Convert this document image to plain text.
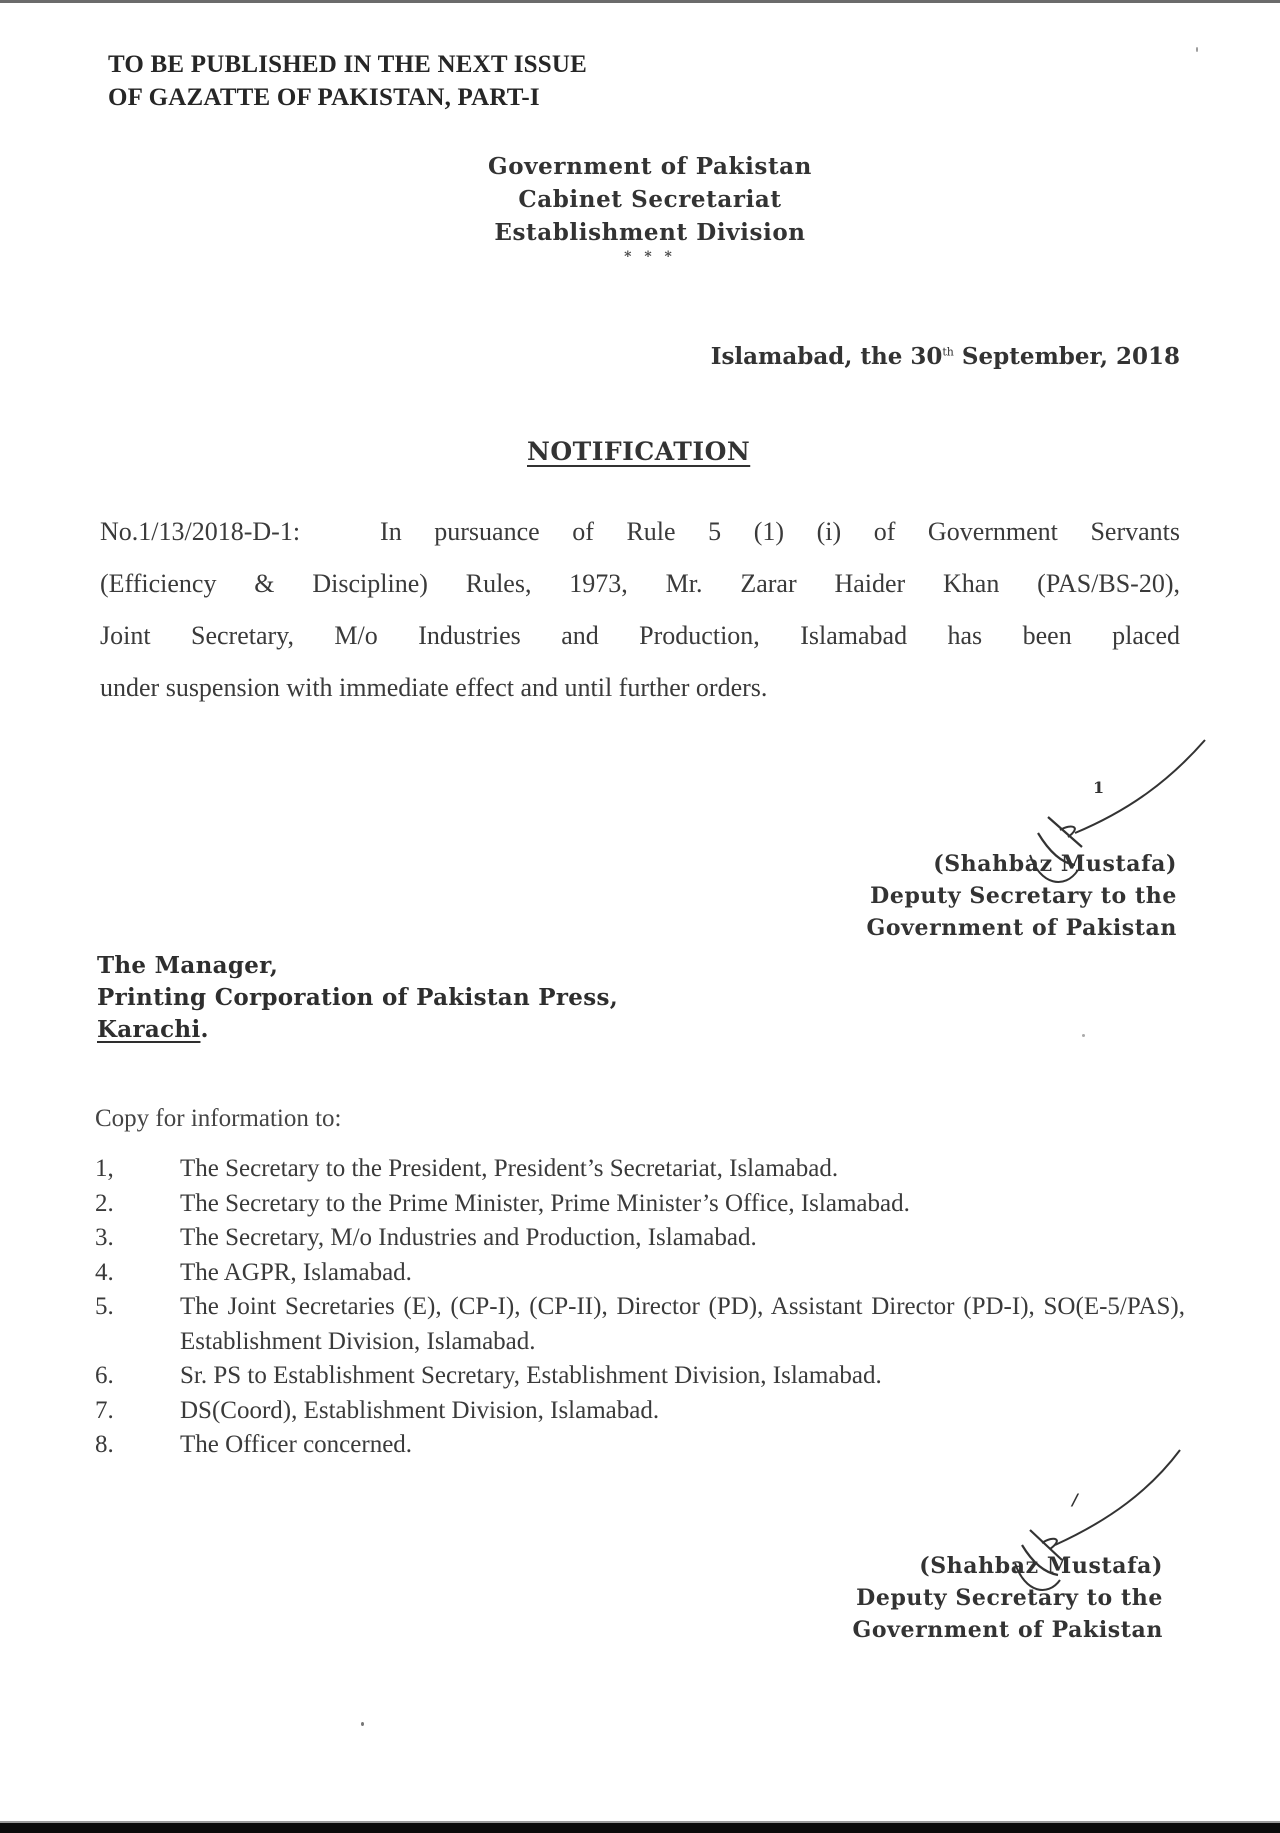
TO BE PUBLISHED IN THE NEXT ISSUE
OF GAZATTE OF PAKISTAN, PART-I
Government of Pakistan
Cabinet Secretariat
Establishment Division
* * *
Islamabad, the 30th September, 2018
NOTIFICATION
No.1/13/2018-D-1:	In pursuance of Rule 5 (1) (i) of Government Servants
(Efficiency & Discipline) Rules, 1973, Mr. Zarar Haider Khan (PAS/BS-20),
Joint Secretary, M/o Industries and Production, Islamabad has been placed
under suspension with immediate effect and until further orders.
1
(Shahbaz Mustafa)
Deputy Secretary to the
Government of Pakistan
The Manager,
Printing Corporation of Pakistan Press,
Karachi.
Copy for information to:
1,	The Secretary to the President, President’s Secretariat, Islamabad.
2.	The Secretary to the Prime Minister, Prime Minister’s Office, Islamabad.
3.	The Secretary, M/o Industries and Production, Islamabad.
4.	The AGPR, Islamabad.
5.	The Joint Secretaries (E), (CP-I), (CP-II), Director (PD), Assistant Director (PD-I), SO(E-5/PAS), Establishment Division, Islamabad.
6.	Sr. PS to Establishment Secretary, Establishment Division, Islamabad.
7.	DS(Coord), Establishment Division, Islamabad.
8.	The Officer concerned.
/
(Shahbaz Mustafa)
Deputy Secretary to the
Government of Pakistan
